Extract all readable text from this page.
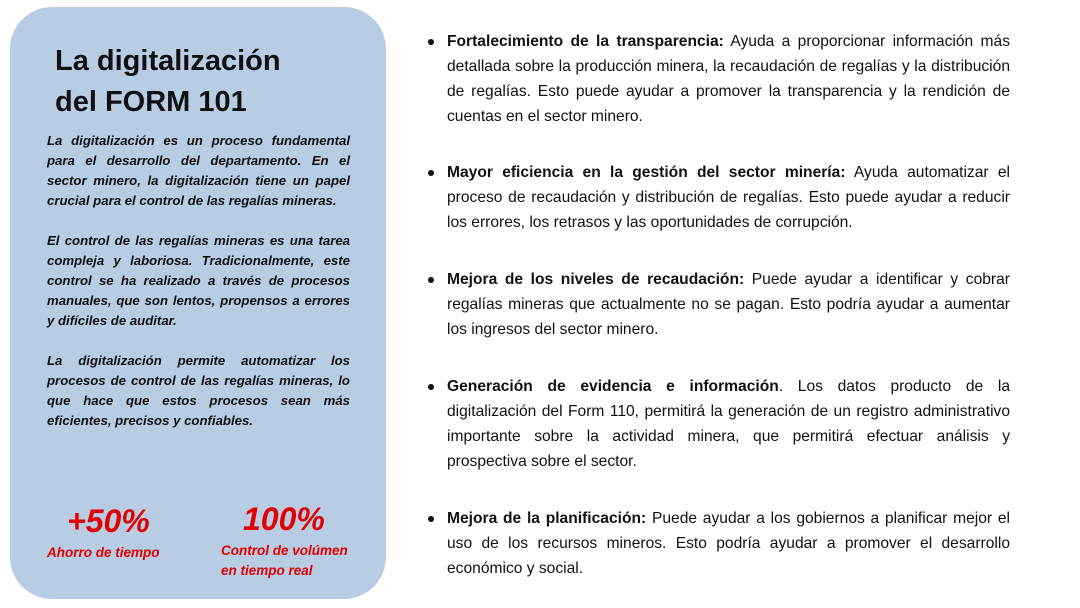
La digitalización
del FORM 101

La digitalización es un proceso fundamental para el desarrollo del departamento. En el sector minero, la digitalización tiene un papel crucial para el control de las regalías mineras.

El control de las regalías mineras es una tarea compleja y laboriosa. Tradicionalmente, este control se ha realizado a través de procesos manuales, que son lentos, propensos a errores y difíciles de auditar.

La digitalización permite automatizar los procesos de control de las regalías mineras, lo que hace que estos procesos sean más eficientes, precisos y confiables.

+50%
Ahorro de tiempo
100%
Control de volúmen
en tiempo real
Fortalecimiento de la transparencia: Ayuda a proporcionar información más detallada sobre la producción minera, la recaudación de regalías y la distribución de regalías. Esto puede ayudar a promover la transparencia y la rendición de cuentas en el sector minero.
Mayor eficiencia en la gestión del sector minería: Ayuda automatizar el proceso de recaudación y distribución de regalías. Esto puede ayudar a reducir los errores, los retrasos y las oportunidades de corrupción.
Mejora de los niveles de recaudación: Puede ayudar a identificar y cobrar regalías mineras que actualmente no se pagan. Esto podría ayudar a aumentar los ingresos del sector minero.
Generación de evidencia e información. Los datos producto de la digitalización del Form 110, permitirá la generación de un registro administrativo importante sobre la actividad minera, que permitirá efectuar análisis y prospectiva sobre el sector.
Mejora de la planificación: Puede ayudar a los gobiernos a planificar mejor el uso de los recursos mineros. Esto podría ayudar a promover el desarrollo económico y social.
